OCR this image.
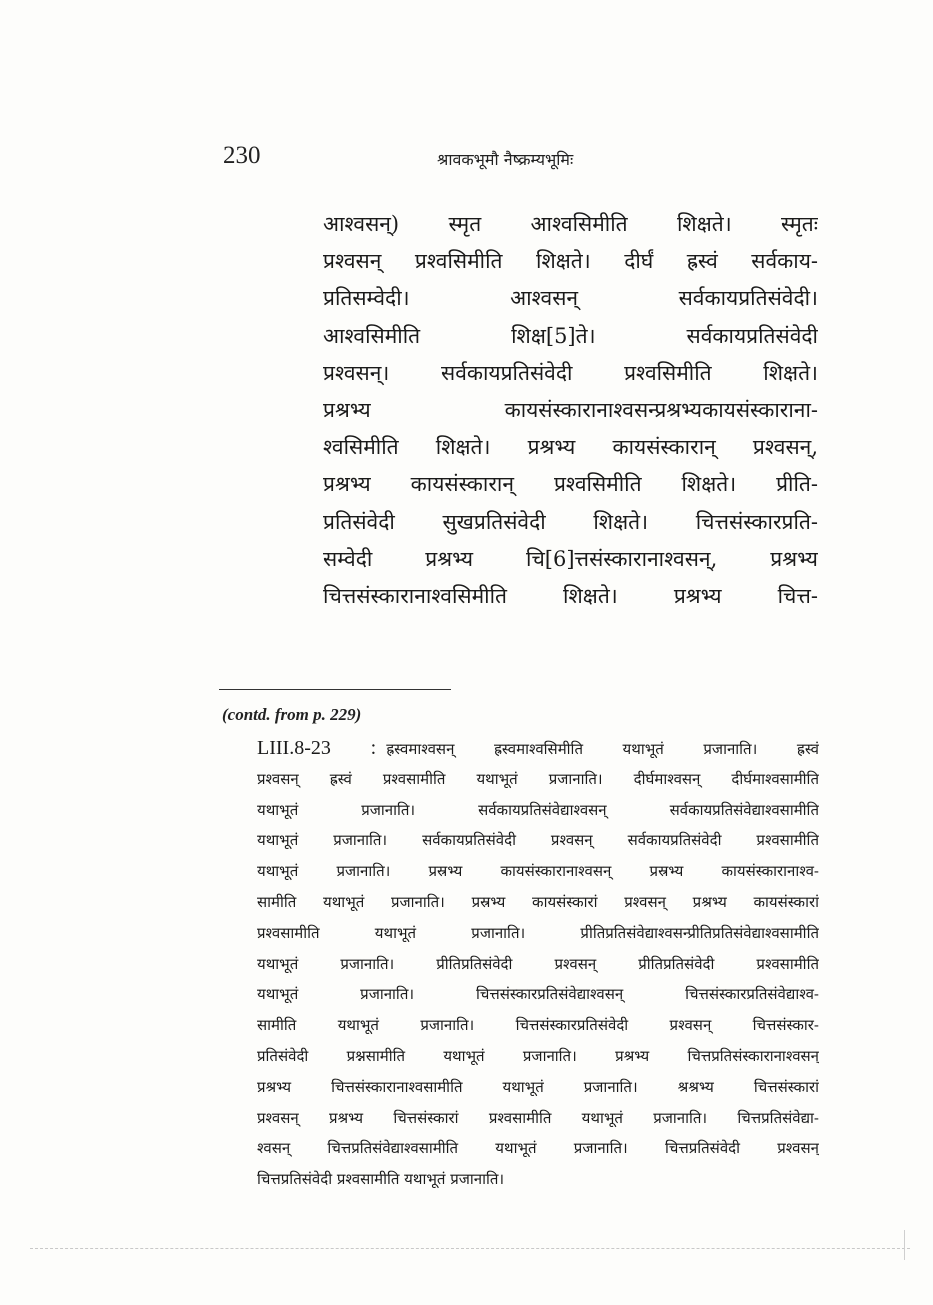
230	श्रावकभूमौ नैष्क्रम्यभूमिः
आश्वसन्) स्मृत आश्वसिमीति शिक्षते। स्मृतः
प्रश्वसन् प्रश्वसिमीति शिक्षते। दीर्घं ह्रस्वं सर्वकाय-
प्रतिसम्वेदी। आश्वसन् सर्वकायप्रतिसंवेदी।
आश्वसिमीति शिक्ष[5]ते। सर्वकायप्रतिसंवेदी
प्रश्वसन्। सर्वकायप्रतिसंवेदी प्रश्वसिमीति शिक्षते।
प्रश्रभ्य कायसंस्कारानाश्वसन्प्रश्रभ्यकायसंस्काराना-
श्वसिमीति शिक्षते। प्रश्रभ्य कायसंस्कारान् प्रश्वसन्,
प्रश्रभ्य कायसंस्कारान् प्रश्वसिमीति शिक्षते। प्रीति-
प्रतिसंवेदी सुखप्रतिसंवेदी शिक्षते। चित्तसंस्कारप्रति-
सम्वेदी प्रश्रभ्य चि[6]त्तसंस्कारानाश्वसन्, प्रश्रभ्य
चित्तसंस्कारानाश्वसिमीति शिक्षते। प्रश्रभ्य चित्त-
(contd. from p. 229)
LIII.8-23 : ह्रस्वमाश्वसन् ह्रस्वमाश्वसिमीति यथाभूतं प्रजानाति। ह्रस्वं
प्रश्वसन् ह्रस्वं प्रश्वसामीति यथाभूतं प्रजानाति। दीर्घमाश्वसन् दीर्घमाश्वसामीति
यथाभूतं प्रजानाति। सर्वकायप्रतिसंवेद्याश्वसन् सर्वकायप्रतिसंवेद्याश्वसामीति
यथाभूतं प्रजानाति। सर्वकायप्रतिसंवेदी प्रश्वसन् सर्वकायप्रतिसंवेदी प्रश्वसामीति
यथाभूतं प्रजानाति। प्रस्रभ्य कायसंस्कारानाश्वसन् प्रस्रभ्य कायसंस्कारानाश्व-
सामीति यथाभूतं प्रजानाति। प्रस्रभ्य कायसंस्कारां प्रश्वसन् प्रश्रभ्य कायसंस्कारां
प्रश्वसामीति यथाभूतं प्रजानाति। प्रीतिप्रतिसंवेद्याश्वसन्प्रीतिप्रतिसंवेद्याश्वसामीति
यथाभूतं प्रजानाति। प्रीतिप्रतिसंवेदी प्रश्वसन् प्रीतिप्रतिसंवेदी प्रश्वसामीति
यथाभूतं प्रजानाति। चित्तसंस्कारप्रतिसंवेद्याश्वसन् चित्तसंस्कारप्रतिसंवेद्याश्व-
सामीति यथाभूतं प्रजानाति। चित्तसंस्कारप्रतिसंवेदी प्रश्वसन् चित्तसंस्कार-
प्रतिसंवेदी प्रश्नसामीति यथाभूतं प्रजानाति। प्रश्रभ्य चित्तप्रतिसंस्कारानाश्वसन्
प्रश्रभ्य चित्तसंस्कारानाश्वसामीति यथाभूतं प्रजानाति। श्रश्रभ्य चित्तसंस्कारां
प्रश्वसन् प्रश्रभ्य चित्तसंस्कारां प्रश्वसामीति यथाभूतं प्रजानाति। चित्तप्रतिसंवेद्या-
श्वसन् चित्तप्रतिसंवेद्याश्वसामीति यथाभूतं प्रजानाति। चित्तप्रतिसंवेदी प्रश्वसन्
चित्तप्रतिसंवेदी प्रश्वसामीति यथाभूतं प्रजानाति।
